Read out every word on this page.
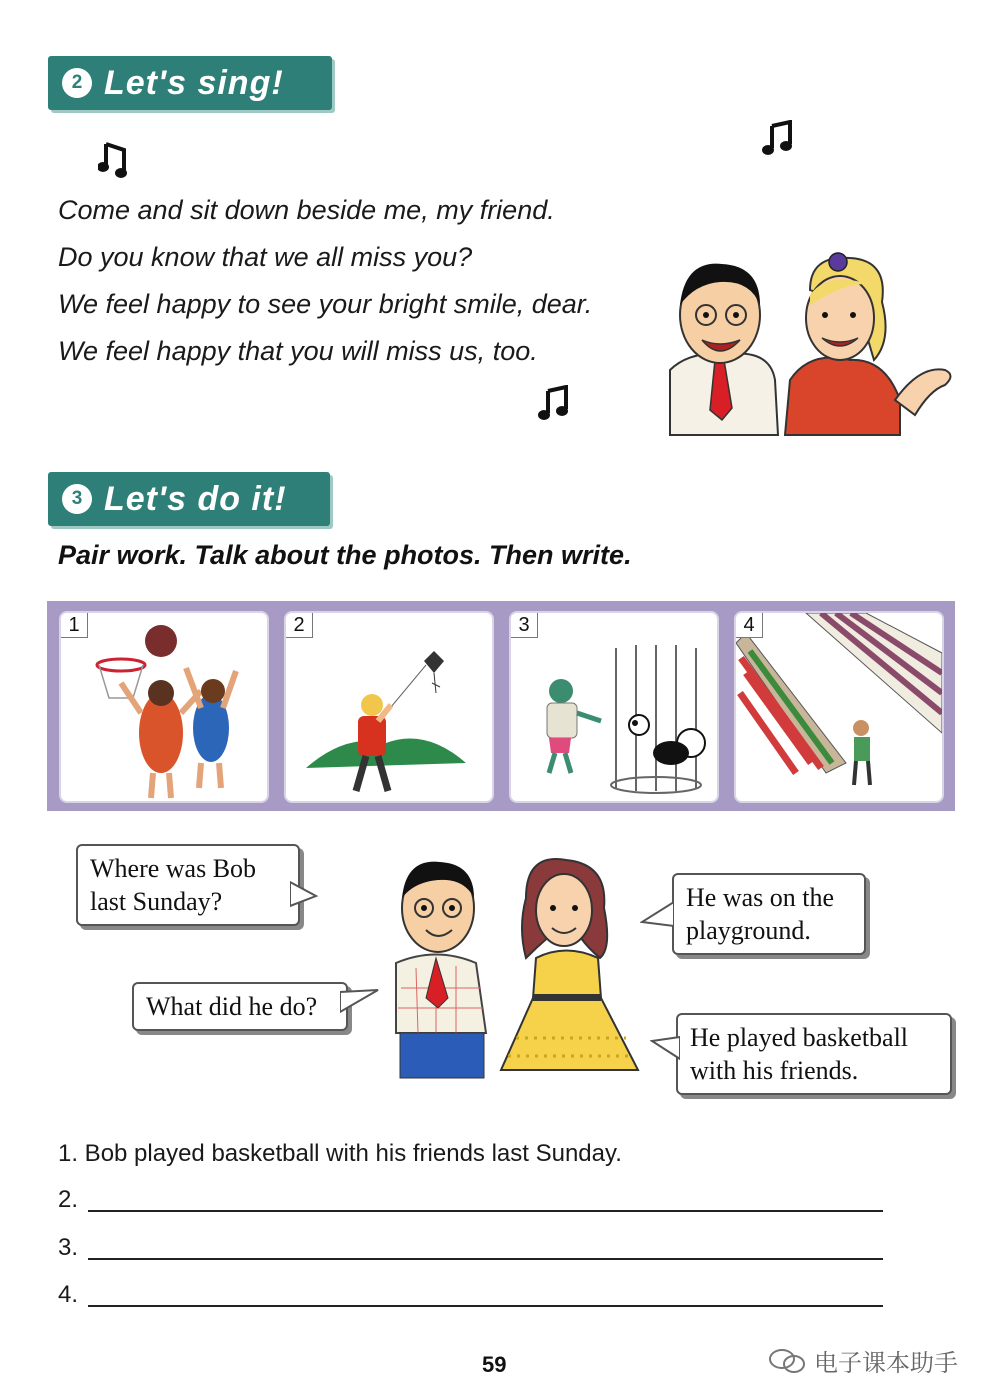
2 Let's sing!
Come and sit down beside me, my friend.
Do you know that we all miss you?
We feel happy to see your bright smile, dear.
We feel happy that you will miss us, too.
3 Let's do it!
Pair work. Talk about the photos. Then write.
1	2	3	4
Where was Bob last Sunday?	He was on the playground.
What did he do?
He played basketball with his friends.
1. Bob played basketball with his friends last Sunday.
2.
3.
4.
59	电子课本助手
